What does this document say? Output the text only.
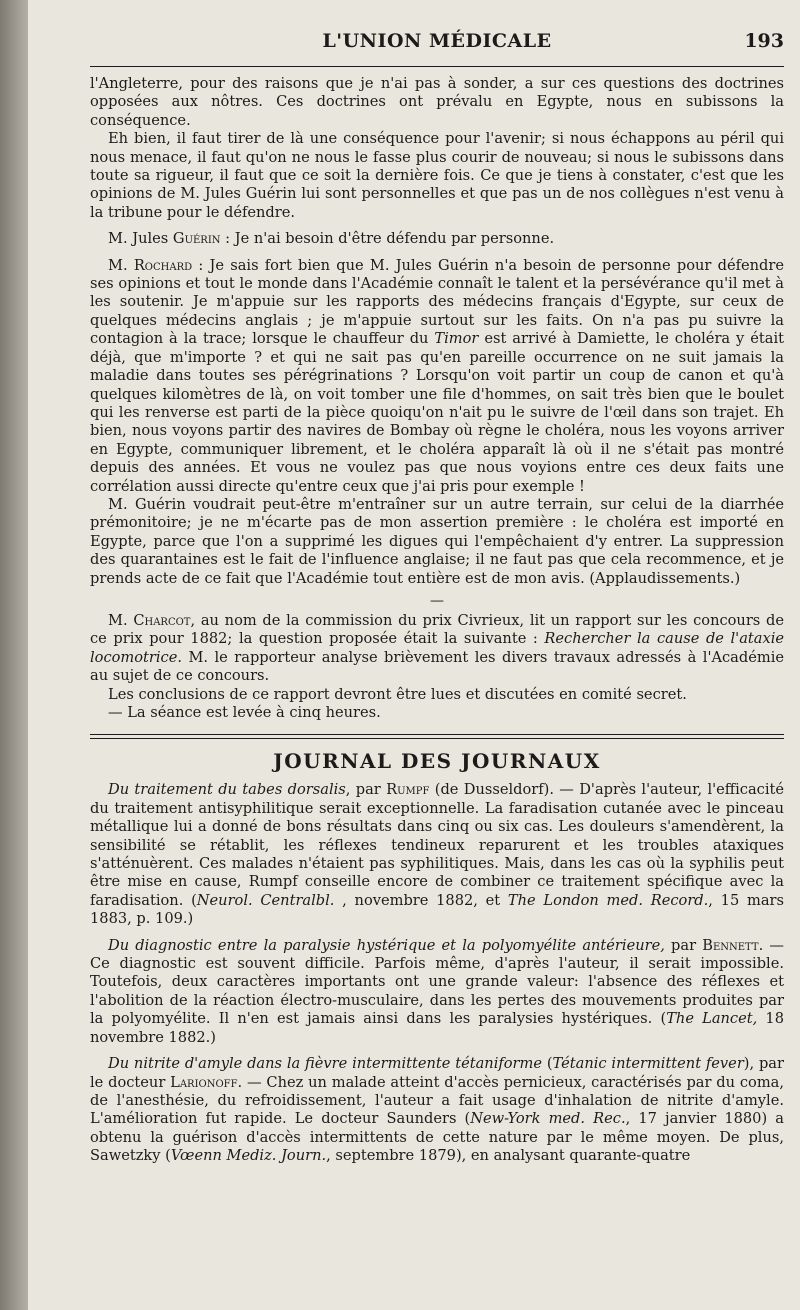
L'UNION MÉDICALE	193

l'Angleterre, pour des raisons que je n'ai pas à sonder, a sur ces questions des doctrines opposées aux nôtres. Ces doctrines ont prévalu en Egypte, nous en subissons la conséquence.

Eh bien, il faut tirer de là une conséquence pour l'avenir; si nous échappons au péril qui nous menace, il faut qu'on ne nous le fasse plus courir de nouveau; si nous le subissons dans toute sa rigueur, il faut que ce soit la dernière fois. Ce que je tiens à constater, c'est que les opinions de M. Jules Guérin lui sont personnelles et que pas un de nos collègues n'est venu à la tribune pour le défendre.

M. Jules Guérin : Je n'ai besoin d'être défendu par personne.

M. Rochard : Je sais fort bien que M. Jules Guérin n'a besoin de personne pour défendre ses opinions et tout le monde dans l'Académie connaît le talent et la persévérance qu'il met à les soutenir. Je m'appuie sur les rapports des médecins français d'Egypte, sur ceux de quelques médecins anglais ; je m'appuie surtout sur les faits. On n'a pas pu suivre la contagion à la trace; lorsque le chauffeur du Timor est arrivé à Damiette, le choléra y était déjà, que m'importe ? et qui ne sait pas qu'en pareille occurrence on ne suit jamais la maladie dans toutes ses pérégrinations ? Lorsqu'on voit partir un coup de canon et qu'à quelques kilomètres de là, on voit tomber une file d'hommes, on sait très bien que le boulet qui les renverse est parti de la pièce quoiqu'on n'ait pu le suivre de l'œil dans son trajet. Eh bien, nous voyons partir des navires de Bombay où règne le choléra, nous les voyons arriver en Egypte, communiquer librement, et le choléra apparaît là où il ne s'était pas montré depuis des années. Et vous ne voulez pas que nous voyions entre ces deux faits une corrélation aussi directe qu'entre ceux que j'ai pris pour exemple !

M. Guérin voudrait peut-être m'entraîner sur un autre terrain, sur celui de la diarrhée prémonitoire; je ne m'écarte pas de mon assertion première : le choléra est importé en Egypte, parce que l'on a supprimé les digues qui l'empêchaient d'y entrer. La suppression des quarantaines est le fait de l'influence anglaise; il ne faut pas que cela recommence, et je prends acte de ce fait que l'Académie tout entière est de mon avis. (Applaudissements.)

—

M. Charcot, au nom de la commission du prix Civrieux, lit un rapport sur les concours de ce prix pour 1882; la question proposée était la suivante : Rechercher la cause de l'ataxie locomotrice. M. le rapporteur analyse brièvement les divers travaux adressés à l'Académie au sujet de ce concours.

Les conclusions de ce rapport devront être lues et discutées en comité secret.

— La séance est levée à cinq heures.

JOURNAL DES JOURNAUX

Du traitement du tabes dorsalis, par Rumpf (de Dusseldorf). — D'après l'auteur, l'efficacité du traitement antisyphilitique serait exceptionnelle. La faradisation cutanée avec le pinceau métallique lui a donné de bons résultats dans cinq ou six cas. Les douleurs s'amendèrent, la sensibilité se rétablit, les réflexes tendineux reparurent et les troubles ataxiques s'atténuèrent. Ces malades n'étaient pas syphilitiques. Mais, dans les cas où la syphilis peut être mise en cause, Rumpf conseille encore de combiner ce traitement spécifique avec la faradisation. (Neurol. Centralbl. , novembre 1882, et The London med. Record., 15 mars 1883, p. 109.)

Du diagnostic entre la paralysie hystérique et la polyomyélite antérieure, par Bennett. — Ce diagnostic est souvent difficile. Parfois même, d'après l'auteur, il serait impossible. Toutefois, deux caractères importants ont une grande valeur: l'absence des réflexes et l'abolition de la réaction électro-musculaire, dans les pertes des mouvements produites par la polyomyélite. Il n'en est jamais ainsi dans les paralysies hystériques. (The Lancet, 18 novembre 1882.)

Du nitrite d'amyle dans la fièvre intermittente tétaniforme (Tétanic intermittent fever), par le docteur Larionoff. — Chez un malade atteint d'accès pernicieux, caractérisés par du coma, de l'anesthésie, du refroidissement, l'auteur a fait usage d'inhalation de nitrite d'amyle. L'amélioration fut rapide. Le docteur Saunders (New-York med. Rec., 17 janvier 1880) a obtenu la guérison d'accès intermittents de cette nature par le même moyen. De plus, Sawetzky (Vœenn Mediz. Journ., septembre 1879), en analysant quarante-quatre
